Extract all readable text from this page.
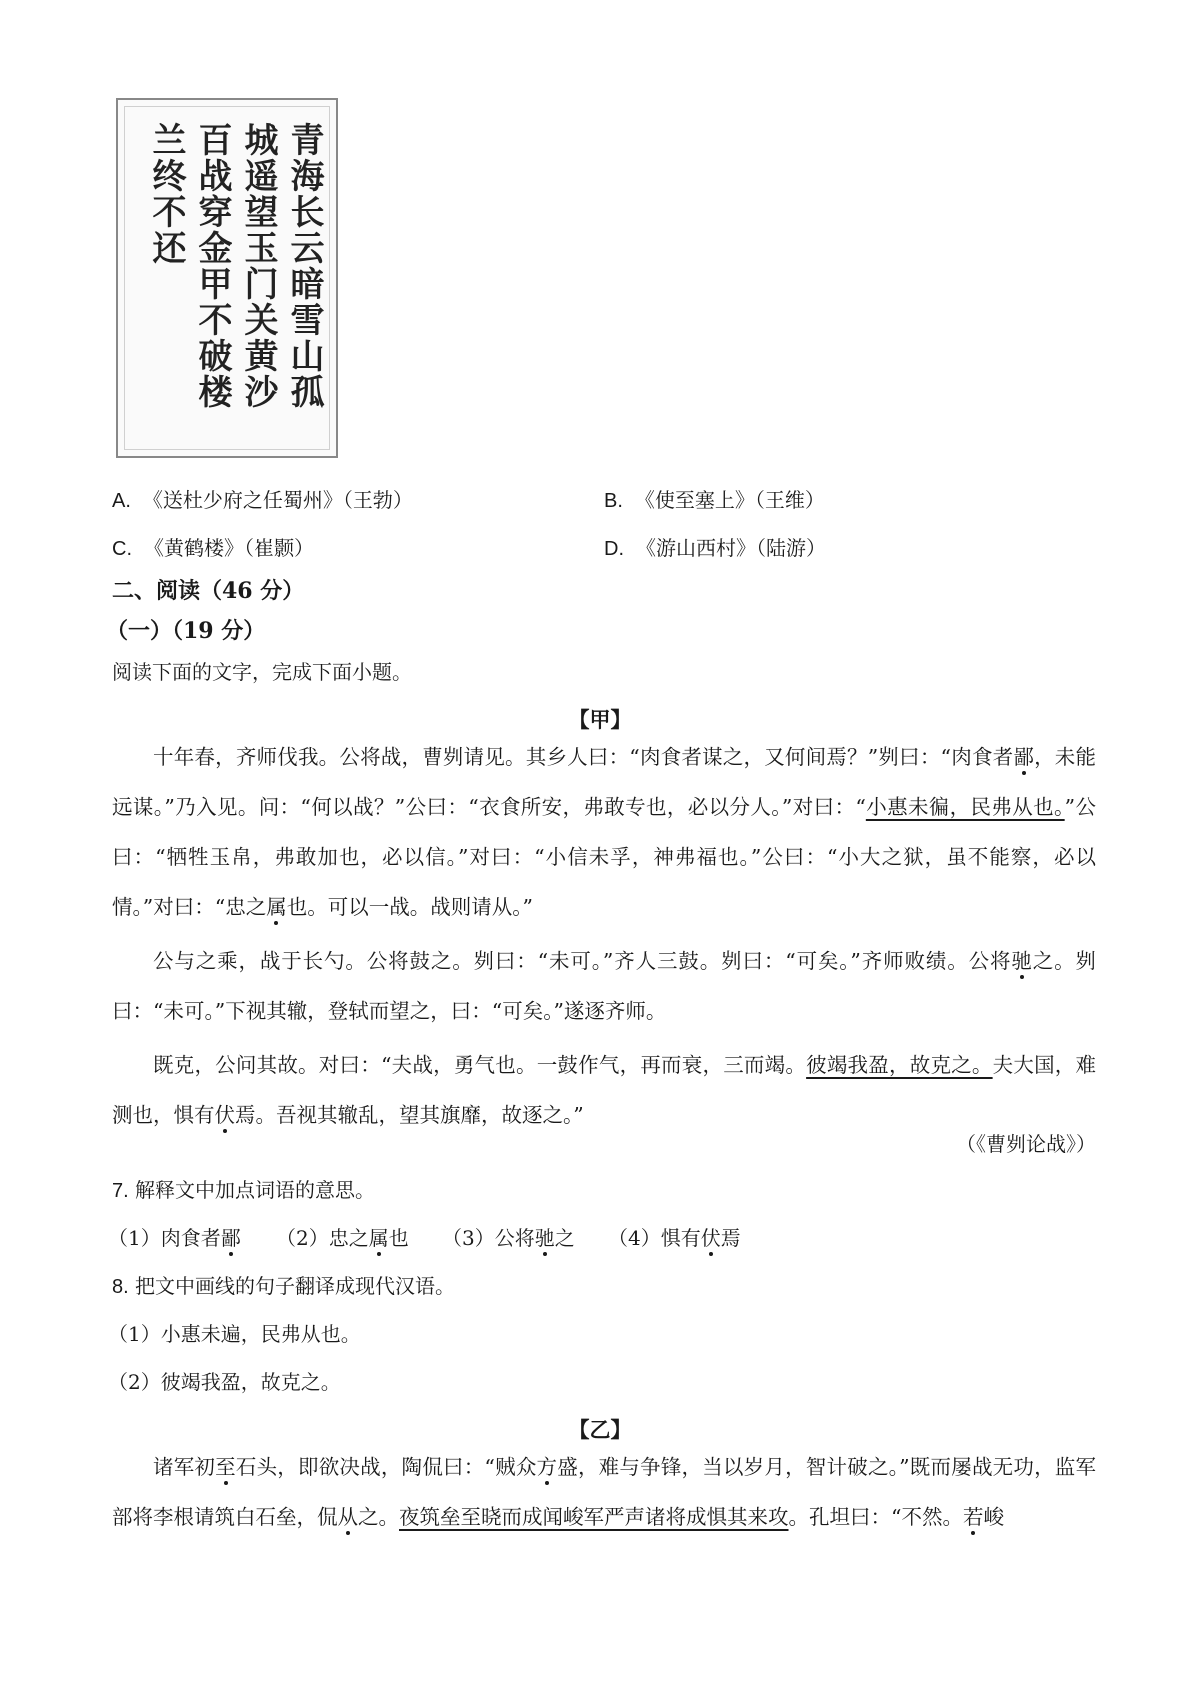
青海长云暗雪山孤
城遥望玉门关黄沙
百战穿金甲不破楼
兰终不还
A. 《送杜少府之任蜀州》（王勃）	B. 《使至塞上》（王维）
C. 《黄鹤楼》（崔颢）	D. 《游山西村》（陆游）
二、阅读（46 分）
（一）（19 分）
阅读下面的文字，完成下面小题。
【甲】

十年春，齐师伐我。公将战，曹刿请见。其乡人曰：“肉食者谋之，又何间焉？”刿曰：“肉食者鄙，未能远谋。”乃入见。问：“何以战？”公曰：“衣食所安，弗敢专也，必以分人。”对曰：“小惠未徧，民弗从也。”公曰：“牺牲玉帛，弗敢加也，必以信。”对曰：“小信未孚，神弗福也。”公曰：“小大之狱，虽不能察，必以情。”对曰：“忠之属也。可以一战。战则请从。”

公与之乘，战于长勺。公将鼓之。刿曰：“未可。”齐人三鼓。刿曰：“可矣。”齐师败绩。公将驰之。刿曰：“未可。”下视其辙，登轼而望之，曰：“可矣。”遂逐齐师。

既克，公问其故。对曰：“夫战，勇气也。一鼓作气，再而衰，三而竭。彼竭我盈，故克之。夫大国，难测也，惧有伏焉。吾视其辙乱，望其旗靡，故逐之。”

（《曹刿论战》）
7. 解释文中加点词语的意思。
（1）肉食者鄙 （2）忠之属也 （3）公将驰之 （4）惧有伏焉
8. 把文中画线的句子翻译成现代汉语。
（1）小惠未遍，民弗从也。
（2）彼竭我盈，故克之。
【乙】

诸军初至石头，即欲决战，陶侃曰：“贼众方盛，难与争锋，当以岁月，智计破之。”既而屡战无功，监军部将李根请筑白石垒，侃从之。夜筑垒至晓而成闻峻军严声诸将成惧其来攻。孔坦曰：“不然。若峻
